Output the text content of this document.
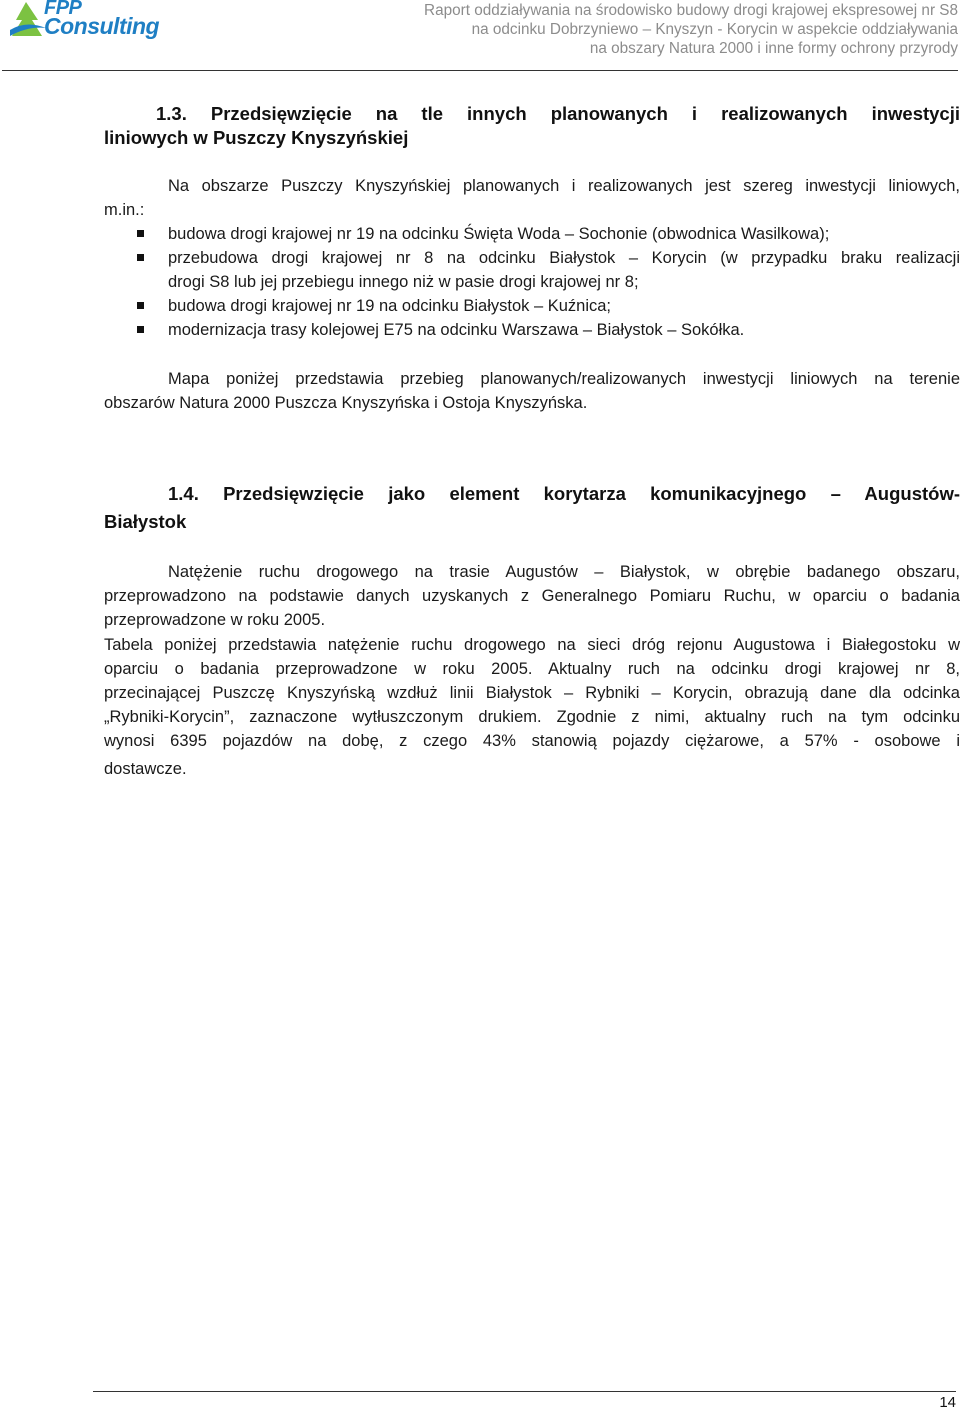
FPP
Consulting
Raport oddziaływania na środowisko budowy drogi krajowej ekspresowej nr S8
na odcinku Dobrzyniewo – Knyszyn - Korycin w aspekcie oddziaływania
na obszary Natura 2000 i inne formy ochrony przyrody
1.3. Przedsięwzięcie na tle innych planowanych i realizowanych inwestycji
liniowych w Puszczy Knyszyńskiej
Na obszarze Puszczy Knyszyńskiej planowanych i realizowanych jest szereg inwestycji liniowych,
m.in.:
budowa drogi krajowej nr 19 na odcinku Święta Woda – Sochonie (obwodnica Wasilkowa);
przebudowa drogi krajowej nr 8 na odcinku Białystok – Korycin (w przypadku braku realizacji
drogi S8 lub jej przebiegu innego niż w pasie drogi krajowej nr 8;
budowa drogi krajowej nr 19 na odcinku Białystok – Kuźnica;
modernizacja trasy kolejowej E75 na odcinku Warszawa – Białystok – Sokółka.
Mapa poniżej przedstawia przebieg planowanych/realizowanych inwestycji liniowych na terenie
obszarów Natura 2000 Puszcza Knyszyńska i Ostoja Knyszyńska.
1.4. Przedsięwzięcie jako element korytarza komunikacyjnego – Augustów-
Białystok
Natężenie ruchu drogowego na trasie Augustów – Białystok, w obrębie badanego obszaru,
przeprowadzono na podstawie danych uzyskanych z Generalnego Pomiaru Ruchu, w oparciu o badania
przeprowadzone w roku 2005.
Tabela poniżej przedstawia natężenie ruchu drogowego na sieci dróg rejonu Augustowa i Białegostoku w
oparciu o badania przeprowadzone w roku 2005. Aktualny ruch na odcinku drogi krajowej nr 8,
przecinającej Puszczę Knyszyńską wzdłuż linii Białystok – Rybniki – Korycin, obrazują dane dla odcinka
„Rybniki-Korycin”, zaznaczone wytłuszczonym drukiem. Zgodnie z nimi, aktualny ruch na tym odcinku
wynosi 6395 pojazdów na dobę, z czego 43% stanowią pojazdy ciężarowe, a 57% - osobowe i
dostawcze.
14
